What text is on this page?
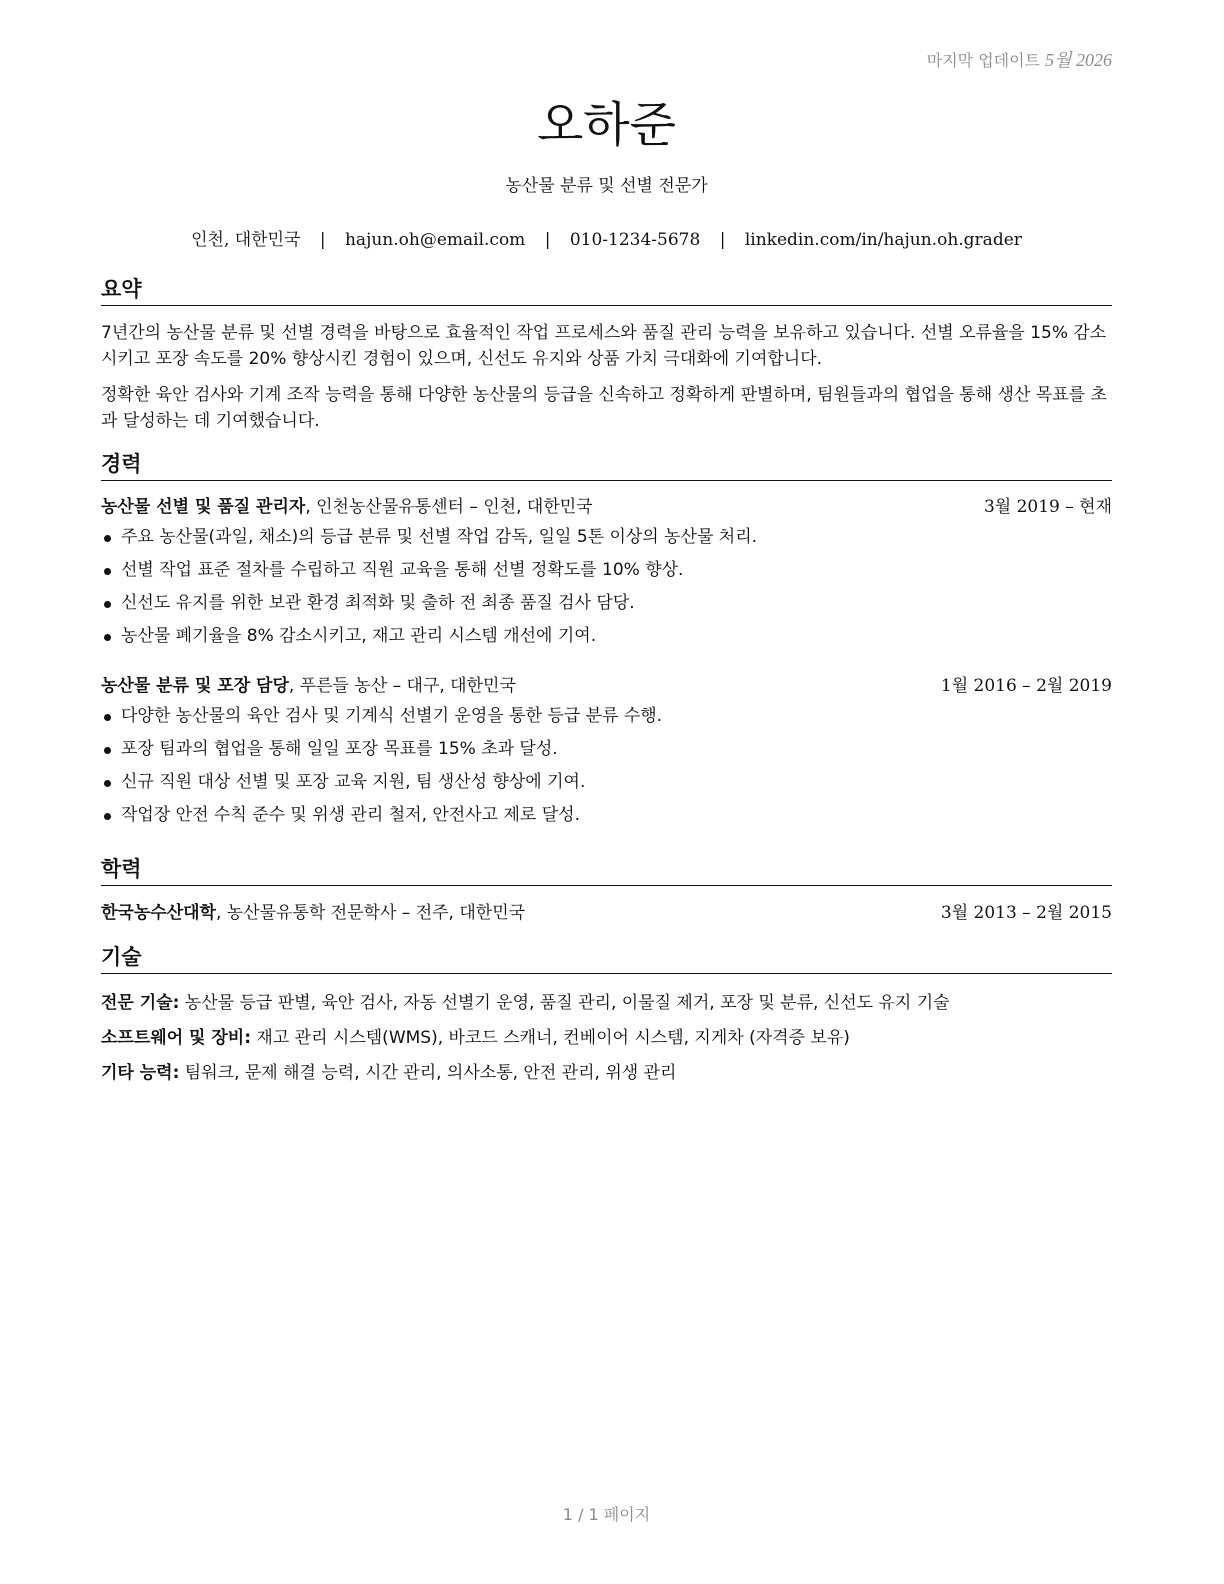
마지막 업데이트 5월 2026
오하준
농산물 분류 및 선별 전문가
인천, 대한민국 | hajun.oh@email.com | 010-1234-5678 | linkedin.com/in/hajun.oh.grader
요약

7년간의 농산물 분류 및 선별 경력을 바탕으로 효율적인 작업 프로세스와 품질 관리 능력을 보유하고 있습니다. 선별 오류율을 15% 감소시키고 포장 속도를 20% 향상시킨 경험이 있으며, 신선도 유지와 상품 가치 극대화에 기여합니다.

정확한 육안 검사와 기계 조작 능력을 통해 다양한 농산물의 등급을 신속하고 정확하게 판별하며, 팀원들과의 협업을 통해 생산 목표를 초과 달성하는 데 기여했습니다.

경력
농산물 선별 및 품질 관리자, 인천농산물유통센터 – 인천, 대한민국	3월 2019 – 현재
주요 농산물(과일, 채소)의 등급 분류 및 선별 작업 감독, 일일 5톤 이상의 농산물 처리.
선별 작업 표준 절차를 수립하고 직원 교육을 통해 선별 정확도를 10% 향상.
신선도 유지를 위한 보관 환경 최적화 및 출하 전 최종 품질 검사 담당.
농산물 폐기율을 8% 감소시키고, 재고 관리 시스템 개선에 기여.
농산물 분류 및 포장 담당, 푸른들 농산 – 대구, 대한민국	1월 2016 – 2월 2019
다양한 농산물의 육안 검사 및 기계식 선별기 운영을 통한 등급 분류 수행.
포장 팀과의 협업을 통해 일일 포장 목표를 15% 초과 달성.
신규 직원 대상 선별 및 포장 교육 지원, 팀 생산성 향상에 기여.
작업장 안전 수칙 준수 및 위생 관리 철저, 안전사고 제로 달성.
학력
한국농수산대학, 농산물유통학 전문학사 – 전주, 대한민국	3월 2013 – 2월 2015
기술
전문 기술: 농산물 등급 판별, 육안 검사, 자동 선별기 운영, 품질 관리, 이물질 제거, 포장 및 분류, 신선도 유지 기술
소프트웨어 및 장비: 재고 관리 시스템(WMS), 바코드 스캐너, 컨베이어 시스템, 지게차 (자격증 보유)
기타 능력: 팀워크, 문제 해결 능력, 시간 관리, 의사소통, 안전 관리, 위생 관리
1 / 1 페이지
